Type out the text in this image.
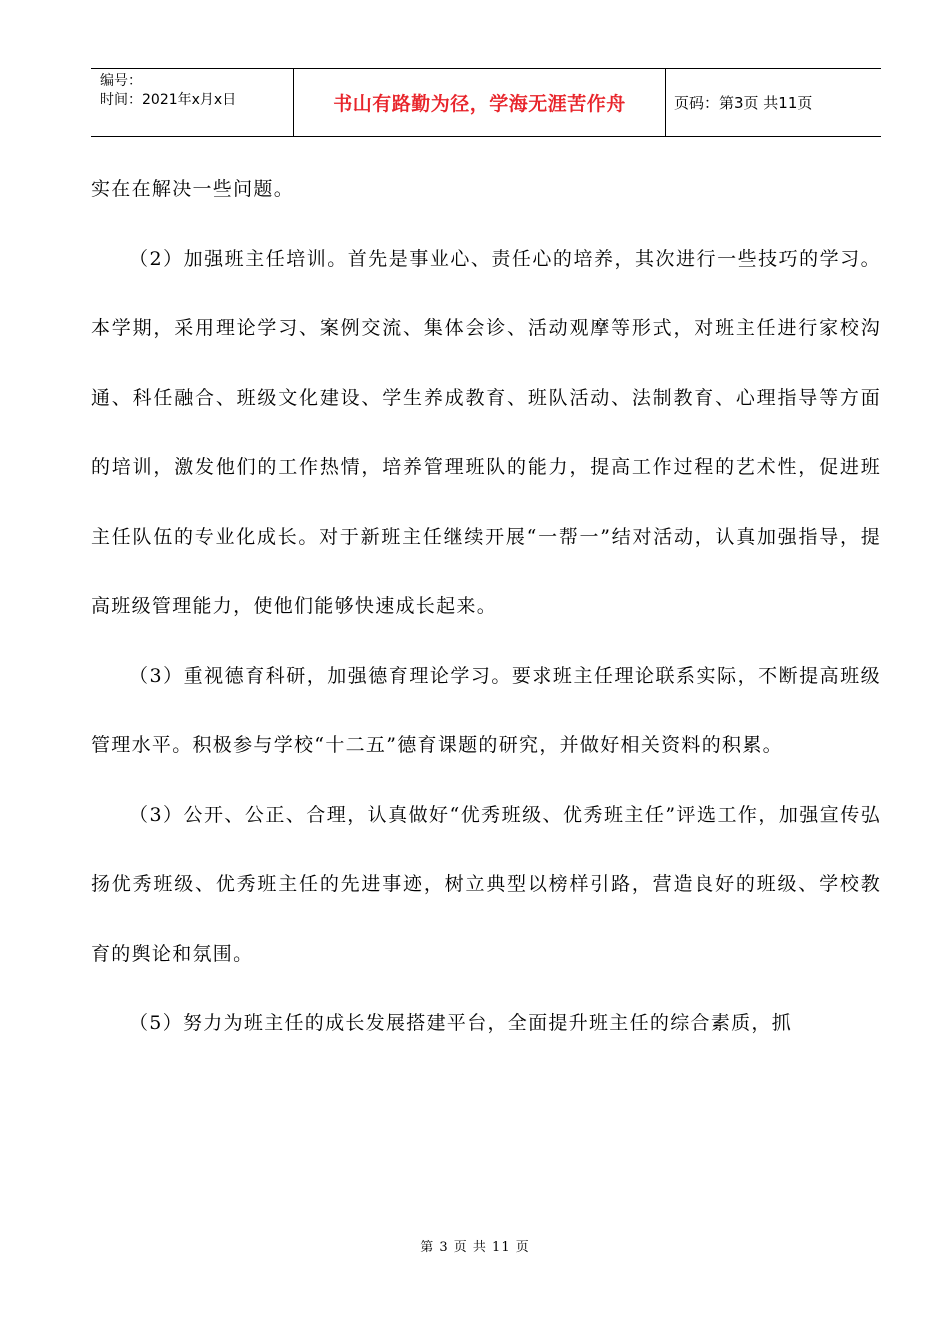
编号：
时间：2021年x月x日	书山有路勤为径，学海无涯苦作舟	页码：第3页 共11页

实在在解决一些问题。

（2）加强班主任培训。首先是事业心、责任心的培养，其次进行一些技巧的学习。本学期，采用理论学习、案例交流、集体会诊、活动观摩等形式，对班主任进行家校沟通、科任融合、班级文化建设、学生养成教育、班队活动、法制教育、心理指导等方面的培训，激发他们的工作热情，培养管理班队的能力，提高工作过程的艺术性，促进班主任队伍的专业化成长。对于新班主任继续开展“一帮一”结对活动，认真加强指导，提高班级管理能力，使他们能够快速成长起来。

（3）重视德育科研，加强德育理论学习。要求班主任理论联系实际，不断提高班级管理水平。积极参与学校“十二五”德育课题的研究，并做好相关资料的积累。

（3）公开、公正、合理，认真做好“优秀班级、优秀班主任”评选工作，加强宣传弘扬优秀班级、优秀班主任的先进事迹，树立典型以榜样引路，营造良好的班级、学校教育的舆论和氛围。

（5）努力为班主任的成长发展搭建平台，全面提升班主任的综合素质，抓

第 3 页 共 11 页
